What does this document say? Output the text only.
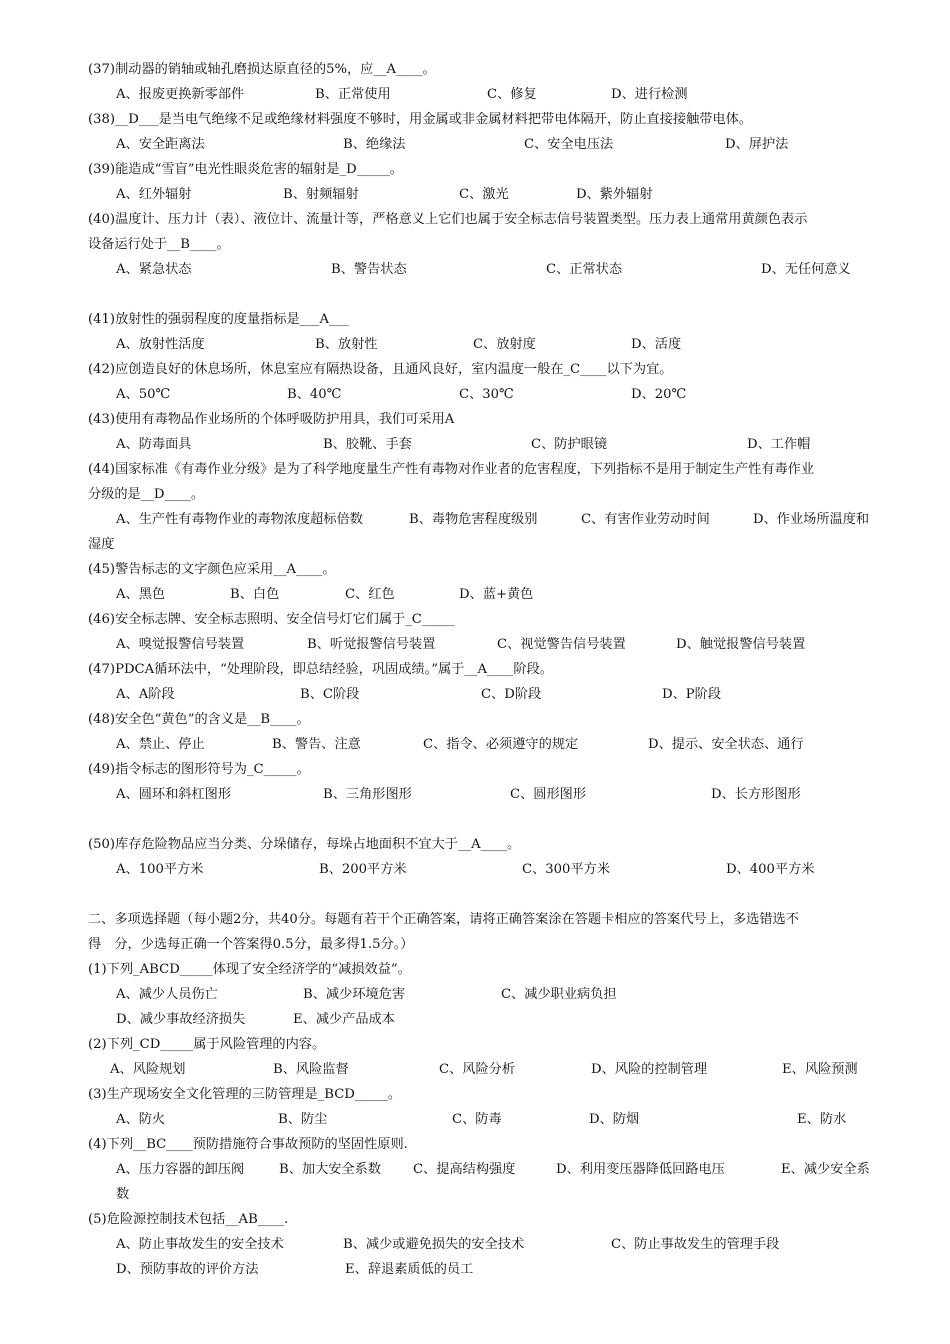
(37)制动器的销轴或轴孔磨损达原直径的5%，应__A____。
A、报废更换新零部件	B、正常使用	C、修复	D、进行检测
(38)__D___是当电气绝缘不足或绝缘材料强度不够时，用金属或非金属材料把带电体隔开，防止直接接触带电体。
A、安全距离法	B、绝缘法	C、安全电压法	D、屏护法
(39)能造成“雪盲”电光性眼炎危害的辐射是_D_____。
A、红外辐射	B、射频辐射	C、激光	D、紫外辐射
(40)温度计、压力计（表）、液位计、流量计等，严格意义上它们也属于安全标志信号装置类型。压力表上通常用黄颜色表示
设备运行处于__B____。
A、紧急状态	B、警告状态	C、正常状态	D、无任何意义
(41)放射性的强弱程度的度量指标是___A___
A、放射性活度	B、放射性	C、放射度	D、活度
(42)应创造良好的休息场所，休息室应有隔热设备，且通风良好，室内温度一般在_C____以下为宜。
A、50℃	B、40℃	C、30℃	D、20℃
(43)使用有毒物品作业场所的个体呼吸防护用具，我们可采用A
A、防毒面具	B、胶靴、手套	C、防护眼镜	D、工作帽
(44)国家标准《有毒作业分级》是为了科学地度量生产性有毒物对作业者的危害程度，下列指标不是用于制定生产性有毒作业
分级的是__D____。
A、生产性有毒物作业的毒物浓度超标倍数	B、毒物危害程度级别	C、有害作业劳动时间	D、作业场所温度和
湿度
(45)警告标志的文字颜色应采用__A____。
A、黑色	B、白色	C、红色	D、蓝+黄色
(46)安全标志牌、安全标志照明、安全信号灯它们属于_C_____
A、嗅觉报警信号装置	B、听觉报警信号装置	C、视觉警告信号装置	D、触觉报警信号装置
(47)PDCA循环法中，“处理阶段，即总结经验，巩固成绩。”属于__A____阶段。
A、A阶段	B、C阶段	C、D阶段	D、P阶段
(48)安全色“黄色”的含义是__B____。
A、禁止、停止	B、警告、注意	C、指令、必须遵守的规定	D、提示、安全状态、通行
(49)指令标志的图形符号为_C_____。
A、圆环和斜杠图形	B、三角形图形	C、圆形图形	D、长方形图形
(50)库存危险物品应当分类、分垛储存，每垛占地面积不宜大于__A____。
A、100平方米	B、200平方米	C、300平方米	D、400平方米
二、多项选择题（每小题2分，共40分。每题有若干个正确答案，请将正确答案涂在答题卡相应的答案代号上，多选错选不
得　分，少选每正确一个答案得0.5分，最多得1.5分。）
(1)下列_ABCD_____体现了安全经济学的“减损效益”。
A、减少人员伤亡	B、减少环境危害	C、减少职业病负担
D、减少事故经济损失	E、减少产品成本
(2)下列_CD_____属于风险管理的内容。
A、风险规划	B、风险监督	C、风险分析	D、风险的控制管理	E、风险预测
(3)生产现场安全文化管理的三防管理是_BCD_____。
A、防火	B、防尘	C、防毒	D、防烟	E、防水
(4)下列__BC____预防措施符合事故预防的坚固性原则.
A、压力容器的卸压阀	B、加大安全系数 C、提高结构强度	D、利用变压器降低回路电压	E、减少安全系
数
(5)危险源控制技术包括__AB____.
A、防止事故发生的安全技术	B、减少或避免损失的安全技术	C、防止事故发生的管理手段
D、预防事故的评价方法	E、辞退素质低的员工
